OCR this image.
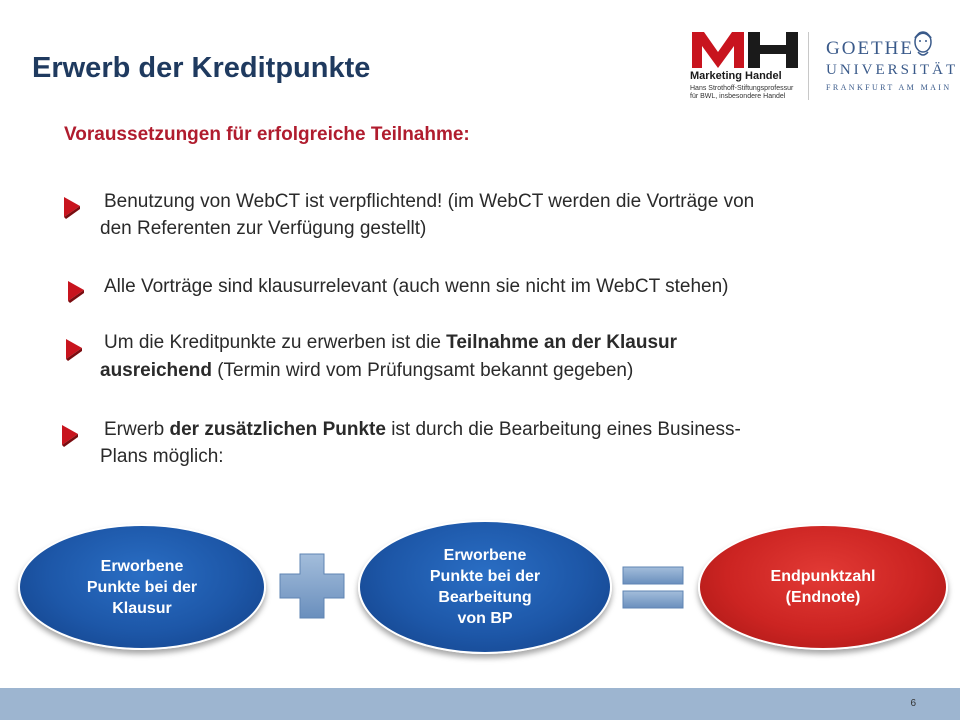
Erwerb der Kreditpunkte	Marketing Handel
Hans Strothoff-Stiftungsprofessur
für BWL, insbesondere Handel
GOETHE
UNIVERSITÄT
FRANKFURT AM MAIN
Voraussetzungen für erfolgreiche Teilnahme:
Benutzung von WebCT ist verpflichtend! (im WebCT werden die Vorträge von
den Referenten zur Verfügung gestellt)
Alle Vorträge sind klausurrelevant (auch wenn sie nicht im WebCT stehen)
Um die Kreditpunkte zu erwerben ist die Teilnahme an der Klausur
ausreichend (Termin wird vom Prüfungsamt bekannt gegeben)
Erwerb der zusätzlichen Punkte ist durch die Bearbeitung eines Business-
Plans möglich:
Erworbene
Punkte bei der
Klausur
Erworbene
Punkte bei der
Bearbeitung
von BP
Endpunktzahl
(Endnote)
6
